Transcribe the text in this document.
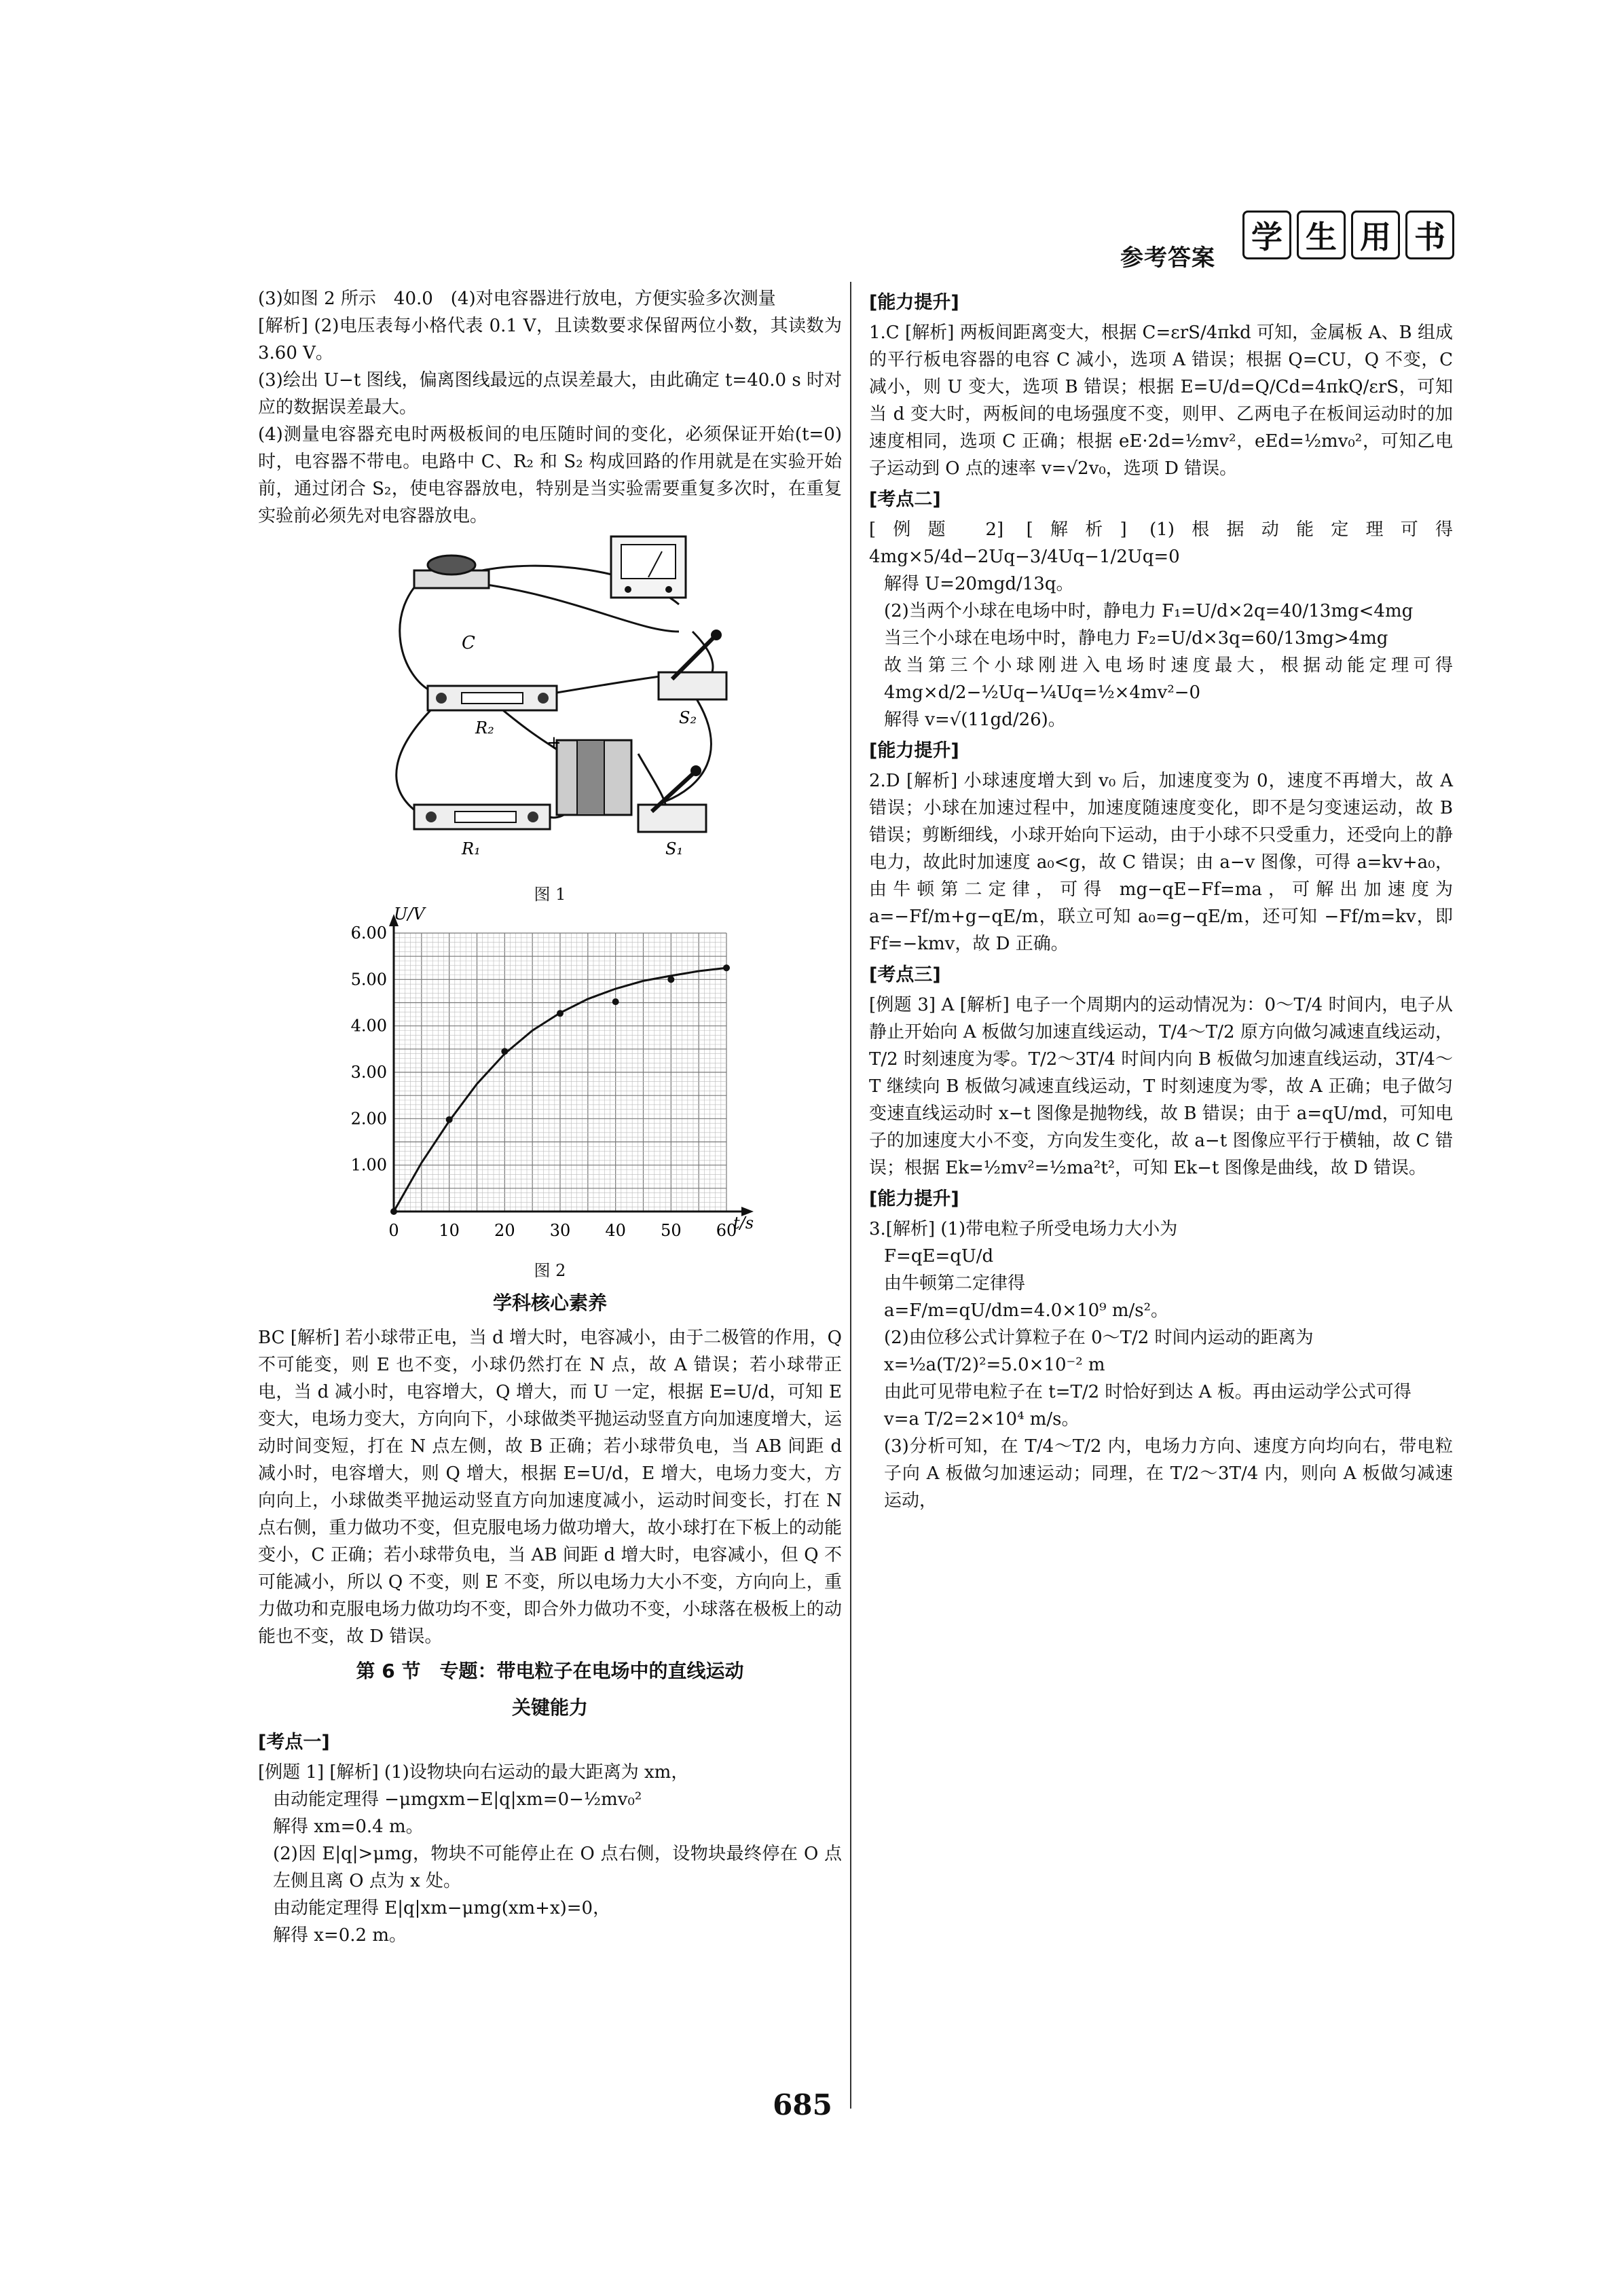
参考答案
学 生 用 书

(3)如图 2 所示　40.0　(4)对电容器进行放电，方便实验多次测量

[解析] (2)电压表每小格代表 0.1 V，且读数要求保留两位小数，其读数为 3.60 V。

(3)绘出 U−t 图线，偏离图线最远的点误差最大，由此确定 t=40.0 s 时对应的数据误差最大。

(4)测量电容器充电时两极板间的电压随时间的变化，必须保证开始(t=0)时，电容器不带电。电路中 C、R₂ 和 S₂ 构成回路的作用就是在实验开始前，通过闭合 S₂，使电容器放电，特别是当实验需要重复多次时，在重复实验前必须先对电容器放电。

C
R₂
S₂
+
R₁	S₁
图 1
0 10 20 30 40 50 60
1.00
2.00
3.00
4.00
5.00
6.00
U/V
t/s
图 2
学科核心素养

BC [解析] 若小球带正电，当 d 增大时，电容减小，由于二极管的作用，Q 不可能变，则 E 也不变，小球仍然打在 N 点，故 A 错误；若小球带正电，当 d 减小时，电容增大，Q 增大，而 U 一定，根据 E=U/d，可知 E 变大，电场力变大，方向向下，小球做类平抛运动竖直方向加速度增大，运动时间变短，打在 N 点左侧，故 B 正确；若小球带负电，当 AB 间距 d 减小时，电容增大，则 Q 增大，根据 E=U/d，E 增大，电场力变大，方向向上，小球做类平抛运动竖直方向加速度减小，运动时间变长，打在 N 点右侧，重力做功不变，但克服电场力做功增大，故小球打在下板上的动能变小，C 正确；若小球带负电，当 AB 间距 d 增大时，电容减小，但 Q 不可能减小，所以 Q 不变，则 E 不变，所以电场力大小不变，方向向上，重力做功和克服电场力做功均不变，即合外力做功不变，小球落在极板上的动能也不变，故 D 错误。

第 6 节　专题：带电粒子在电场中的直线运动
关键能力
[考点一]

[例题 1] [解析] (1)设物块向右运动的最大距离为 xm，

由动能定理得 −μmgxm−E|q|xm=0−½mv₀²

解得 xm=0.4 m。

(2)因 E|q|>μmg，物块不可能停止在 O 点右侧，设物块最终停在 O 点左侧且离 O 点为 x 处。

由动能定理得 E|q|xm−μmg(xm+x)=0，

解得 x=0.2 m。

[能力提升]

1.C [解析] 两板间距离变大，根据 C=εrS/4πkd 可知，金属板 A、B 组成的平行板电容器的电容 C 减小，选项 A 错误；根据 Q=CU，Q 不变，C 减小，则 U 变大，选项 B 错误；根据 E=U/d=Q/Cd=4πkQ/εrS，可知当 d 变大时，两板间的电场强度不变，则甲、乙两电子在板间运动时的加速度相同，选项 C 正确；根据 eE·2d=½mv²，eEd=½mv₀²，可知乙电子运动到 O 点的速率 v=√2v₀，选项 D 错误。

[考点二]

[例题 2] [解析] (1)根据动能定理可得 4mg×5/4d−2Uq−3/4Uq−1/2Uq=0

解得 U=20mgd/13q。

(2)当两个小球在电场中时，静电力 F₁=U/d×2q=40/13mg<4mg

当三个小球在电场中时，静电力 F₂=U/d×3q=60/13mg>4mg

故当第三个小球刚进入电场时速度最大，根据动能定理可得 4mg×d/2−½Uq−¼Uq=½×4mv²−0

解得 v=√(11gd/26)。

[能力提升]

2.D [解析] 小球速度增大到 v₀ 后，加速度变为 0，速度不再增大，故 A 错误；小球在加速过程中，加速度随速度变化，即不是匀变速运动，故 B 错误；剪断细线，小球开始向下运动，由于小球不只受重力，还受向上的静电力，故此时加速度 a₀<g，故 C 错误；由 a−v 图像，可得 a=kv+a₀，由牛顿第二定律，可得 mg−qE−Ff=ma，可解出加速度为 a=−Ff/m+g−qE/m，联立可知 a₀=g−qE/m，还可知 −Ff/m=kv，即 Ff=−kmv，故 D 正确。

[考点三]

[例题 3] A [解析] 电子一个周期内的运动情况为：0～T/4 时间内，电子从静止开始向 A 板做匀加速直线运动，T/4～T/2 原方向做匀减速直线运动，T/2 时刻速度为零。T/2～3T/4 时间内向 B 板做匀加速直线运动，3T/4～T 继续向 B 板做匀减速直线运动，T 时刻速度为零，故 A 正确；电子做匀变速直线运动时 x−t 图像是抛物线，故 B 错误；由于 a=qU/md，可知电子的加速度大小不变，方向发生变化，故 a−t 图像应平行于横轴，故 C 错误；根据 Ek=½mv²=½ma²t²，可知 Ek−t 图像是曲线，故 D 错误。

[能力提升]

3.[解析] (1)带电粒子所受电场力大小为

F=qE=qU/d

由牛顿第二定律得

a=F/m=qU/dm=4.0×10⁹ m/s²。

(2)由位移公式计算粒子在 0～T/2 时间内运动的距离为

x=½a(T/2)²=5.0×10⁻² m

由此可见带电粒子在 t=T/2 时恰好到达 A 板。再由运动学公式可得

v=a T/2=2×10⁴ m/s。

(3)分析可知，在 T/4～T/2 内，电场力方向、速度方向均向右，带电粒子向 A 板做匀加速运动；同理，在 T/2～3T/4 内，则向 A 板做匀减速运动，

685
